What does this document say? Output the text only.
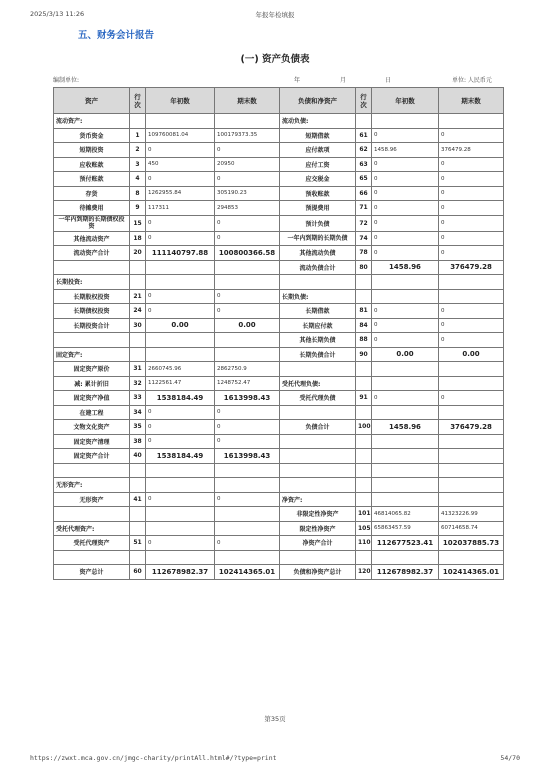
2025/3/13 11:26	年报年检填报
五、财务会计报告
(一) 资产负债表
编制单位:	年	月	日	单位: 人民币元
资产	行次	年初数	期末数	负债和净资产	行次	年初数	期末数
流动资产:				流动负债:			
货币资金	1	109760081.04	100179373.35	短期借款	61	0	0
短期投资	2	0	0	应付款项	62	1458.96	376479.28
应收账款	3	450	20950	应付工资	63	0	0
预付账款	4	0	0	应交税金	65	0	0
存货	8	1262955.84	305190.23	预收账款	66	0	0
待摊费用	9	117311	294853	预提费用	71	0	0
一年内到期的长期债权投资	15	0	0	预计负债	72	0	0
其他流动资产	18	0	0	一年内到期的长期负债	74	0	0
流动资产合计	20	111140797.88	100800366.58	其他流动负债	78	0	0
				流动负债合计	80	1458.96	376479.28
长期投资:							
长期股权投资	21	0	0	长期负债:			
长期债权投资	24	0	0	长期借款	81	0	0
长期投资合计	30	0.00	0.00	长期应付款	84	0	0
				其他长期负债	88	0	0
固定资产:				长期负债合计	90	0.00	0.00
固定资产原价	31	2660745.96	2862750.9				
减: 累计折旧	32	1122561.47	1248752.47	受托代理负债:			
固定资产净值	33	1538184.49	1613998.43	受托代理负债	91	0	0
在建工程	34	0	0				
文物文化资产	35	0	0	负债合计	100	1458.96	376479.28
固定资产清理	38	0	0				
固定资产合计	40	1538184.49	1613998.43				

无形资产:							
无形资产	41	0	0	净资产:			
				非限定性净资产	101	46814065.82	41323226.99
受托代理资产:				限定性净资产	105	65863457.59	60714658.74
受托代理资产	51	0	0	净资产合计	110	112677523.41	102037885.73

资产总计	60	112678982.37	102414365.01	负债和净资产总计	120	112678982.37	102414365.01
第35页
https://zwxt.mca.gov.cn/jmgc-charity/printAll.html#/?type=print	54/70
